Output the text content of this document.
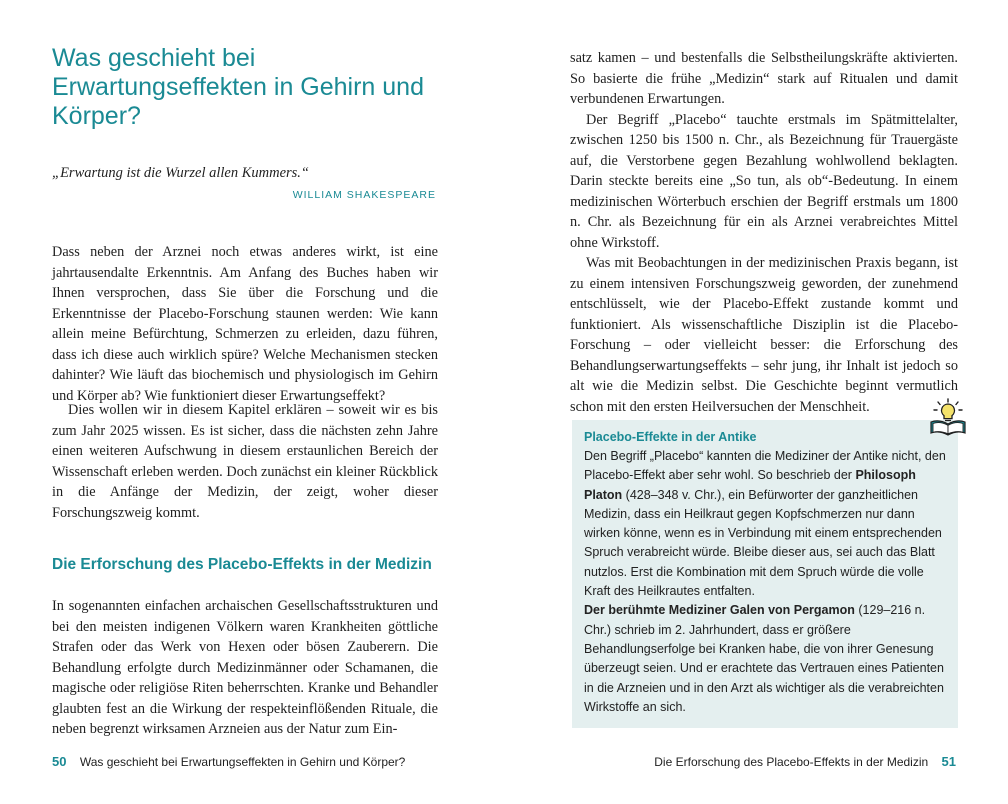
Was geschieht bei Erwartungseffekten in Gehirn und Körper?
„Erwartung ist die Wurzel allen Kummers.“
WILLIAM SHAKESPEARE

Dass neben der Arznei noch etwas anderes wirkt, ist eine jahrtausendalte Erkenntnis. Am Anfang des Buches haben wir Ihnen versprochen, dass Sie über die Forschung und die Erkenntnisse der Placebo-Forschung staunen werden: Wie kann allein meine Befürchtung, Schmerzen zu erleiden, dazu führen, dass ich diese auch wirklich spüre? Welche Mechanismen stecken dahinter? Wie läuft das biochemisch und physiologisch im Gehirn und Körper ab? Wie funktioniert dieser Erwartungseffekt?

Dies wollen wir in diesem Kapitel erklären – soweit wir es bis zum Jahr 2025 wissen. Es ist sicher, dass die nächsten zehn Jahre einen weiteren Aufschwung in diesem erstaunlichen Bereich der Wissenschaft erleben werden. Doch zunächst ein kleiner Rückblick in die Anfänge der Medizin, der zeigt, woher dieser Forschungszweig kommt.

Die Erforschung des Placebo-Effekts in der Medizin

In sogenannten einfachen archaischen Gesellschaftsstrukturen und bei den meisten indigenen Völkern waren Krankheiten göttliche Strafen oder das Werk von Hexen oder bösen Zauberern. Die Behandlung erfolgte durch Medizinmänner oder Schamanen, die magische oder religiöse Riten beherrschten. Kranke und Behandler glaubten fest an die Wirkung der respekteinflößenden Rituale, die neben begrenzt wirksamen Arzneien aus der Natur zum Ein-

50 Was geschieht bei Erwartungseffekten in Gehirn und Körper?

satz kamen – und bestenfalls die Selbstheilungskräfte aktivierten. So basierte die frühe „Medizin“ stark auf Ritualen und damit verbundenen Erwartungen.

Der Begriff „Placebo“ tauchte erstmals im Spätmittelalter, zwischen 1250 bis 1500 n. Chr., als Bezeichnung für Trauergäste auf, die Verstorbene gegen Bezahlung wohlwollend beklagten. Darin steckte bereits eine „So tun, als ob“-Bedeutung. In einem medizinischen Wörterbuch erschien der Begriff erstmals um 1800 n. Chr. als Bezeichnung für ein als Arznei verabreichtes Mittel ohne Wirkstoff.

Was mit Beobachtungen in der medizinischen Praxis begann, ist zu einem intensiven Forschungszweig geworden, der zunehmend entschlüsselt, wie der Placebo-Effekt zustande kommt und funktioniert. Als wissenschaftliche Disziplin ist die Placebo-Forschung – oder vielleicht besser: die Erforschung des Behandlungserwartungseffekts – sehr jung, ihr Inhalt ist jedoch so alt wie die Medizin selbst. Die Geschichte beginnt vermutlich schon mit den ersten Heilversuchen der Menschheit.

Placebo-Effekte in der Antike
Den Begriff „Placebo“ kannten die Mediziner der Antike nicht, den Placebo-Effekt aber sehr wohl. So beschrieb der Philosoph Platon (428–348 v. Chr.), ein Befürworter der ganzheitlichen Medizin, dass ein Heilkraut gegen Kopfschmerzen nur dann wirken könne, wenn es in Verbindung mit einem entsprechenden Spruch verabreicht würde. Bleibe dieser aus, sei auch das Blatt nutzlos. Erst die Kombination mit dem Spruch würde die volle Kraft des Heilkrautes entfalten.
Der berühmte Mediziner Galen von Pergamon (129–216 n. Chr.) schrieb im 2. Jahrhundert, dass er größere Behandlungserfolge bei Kranken habe, die von ihrer Genesung überzeugt seien. Und er erachtete das Vertrauen eines Patienten in die Arzneien und in den Arzt als wichtiger als die verabreichten Wirkstoffe an sich.
Die Erforschung des Placebo-Effekts in der Medizin 51
